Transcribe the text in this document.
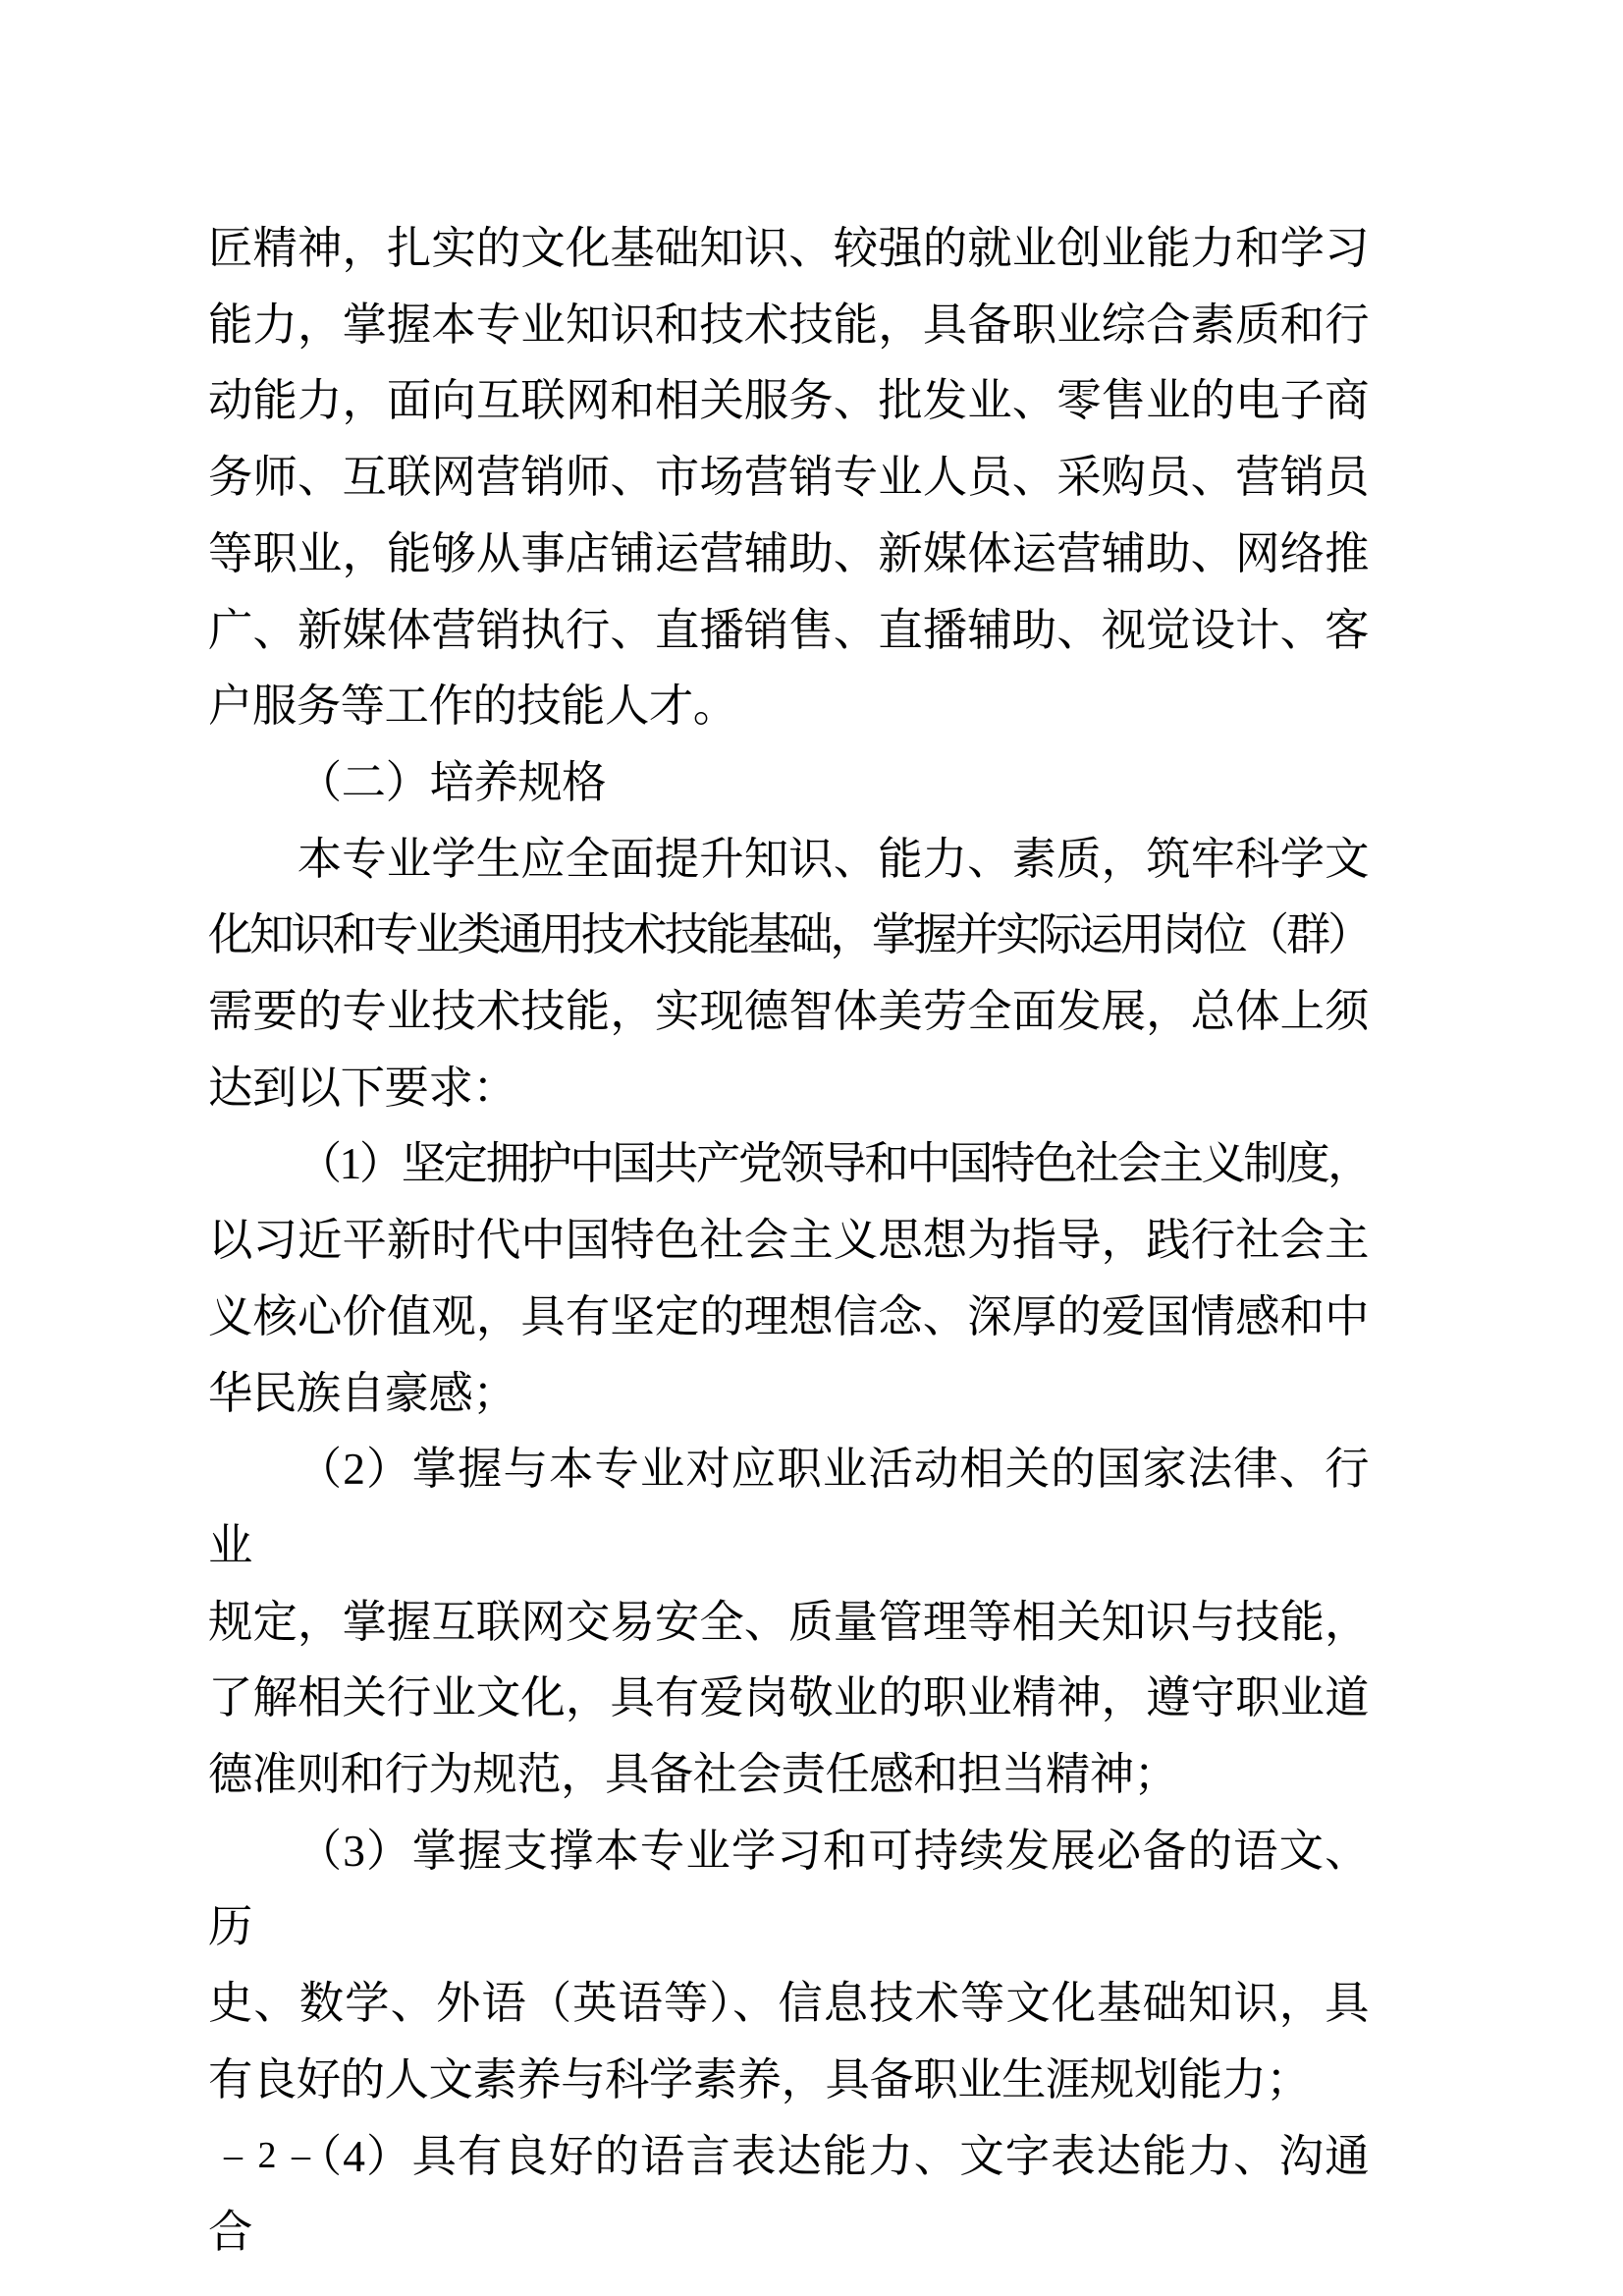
匠精神，扎实的文化基础知识、较强的就业创业能力和学习
能力，掌握本专业知识和技术技能，具备职业综合素质和行
动能力，面向互联网和相关服务、批发业、零售业的电子商
务师、互联网营销师、市场营销专业人员、采购员、营销员
等职业，能够从事店铺运营辅助、新媒体运营辅助、网络推
广、新媒体营销执行、直播销售、直播辅助、视觉设计、客
户服务等工作的技能人才。
（二）培养规格
本专业学生应全面提升知识、能力、素质，筑牢科学文
化知识和专业类通用技术技能基础，掌握并实际运用岗位（群）
需要的专业技术技能，实现德智体美劳全面发展，总体上须
达到以下要求：
（1）坚定拥护中国共产党领导和中国特色社会主义制度，
以习近平新时代中国特色社会主义思想为指导，践行社会主
义核心价值观，具有坚定的理想信念、深厚的爱国情感和中
华民族自豪感；
（2）掌握与本专业对应职业活动相关的国家法律、行业
规定，掌握互联网交易安全、质量管理等相关知识与技能，
了解相关行业文化，具有爱岗敬业的职业精神，遵守职业道
德准则和行为规范，具备社会责任感和担当精神；
（3）掌握支撑本专业学习和可持续发展必备的语文、历
史、数学、外语（英语等）、信息技术等文化基础知识，具
有良好的人文素养与科学素养，具备职业生涯规划能力；
（4）具有良好的语言表达能力、文字表达能力、沟通合
– 2 –
